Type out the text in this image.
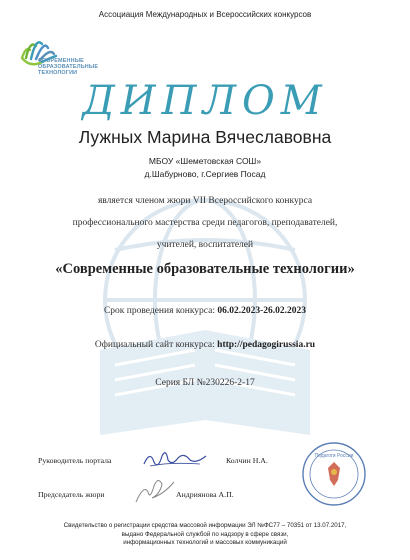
Ассоциация Международных и Всероссийских конкурсов
СОВРЕМЕННЫЕ
ОБРАЗОВАТЕЛЬНЫЕ
ТЕХНОЛОГИИ
ДИПЛОМ
Лужных Марина Вячеславовна
МБОУ «Шеметовская СОШ»
д.Шабурново, г.Сергиев Посад
является членом жюри VII Всероссийского конкурса
профессионального мастерства среди педагогов, преподавателей,
учителей, воспитателей
«Современные образовательные технологии»
Срок проведения конкурса: 06.02.2023-26.02.2023
Официальный сайт конкурса: http://pedagogirussia.ru
Серия БЛ №230226-2-17
Руководитель портала	Колчин Н.А.
Председатель жюри	Андриянова А.П.
Педагоги России
Свидетельство о регистрации средства массовой информации ЭЛ №ФС77 – 70351 от 13.07.2017,
выдано Федеральной службой по надзору в сфере связи,
информационных технологий и массовых коммуникаций
